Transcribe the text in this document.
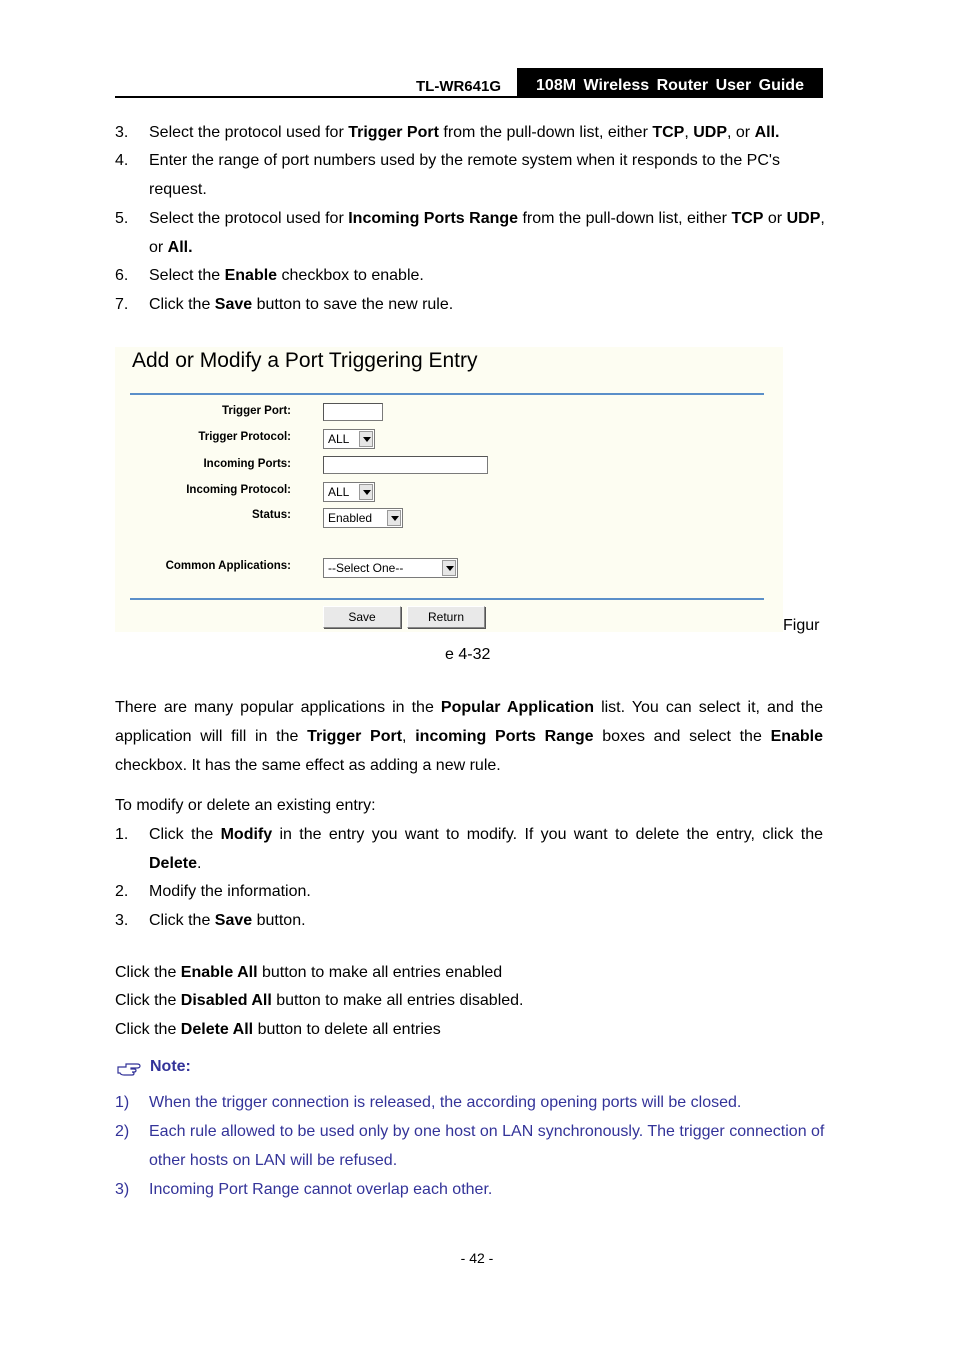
TL-WR641G	108M Wireless Router User Guide
3. Select the protocol used for Trigger Port from the pull-down list, either TCP, UDP, or All.
4. Enter the range of port numbers used by the remote system when it responds to the PC's request.
5. Select the protocol used for Incoming Ports Range from the pull-down list, either TCP or UDP, or All.
6. Select the Enable checkbox to enable.
7. Click the Save button to save the new rule.
Add or Modify a Port Triggering Entry
Trigger Port:
Trigger Protocol:	ALL
Incoming Ports:
Incoming Protocol:	ALL
Status:	Enabled
Common Applications:	--Select One--
Save	Return	Figur
e 4-32
There are many popular applications in the Popular Application list. You can select it, and the application will fill in the Trigger Port, incoming Ports Range boxes and select the Enable checkbox. It has the same effect as adding a new rule.
To modify or delete an existing entry:
1. Click the Modify in the entry you want to modify. If you want to delete the entry, click the Delete.
2. Modify the information.
3. Click the Save button.
Click the Enable All button to make all entries enabled
Click the Disabled All button to make all entries disabled.
Click the Delete All button to delete all entries
Note:
1) When the trigger connection is released, the according opening ports will be closed.
2) Each rule allowed to be used only by one host on LAN synchronously. The trigger connection of other hosts on LAN will be refused.
3) Incoming Port Range cannot overlap each other.
- 42 -
